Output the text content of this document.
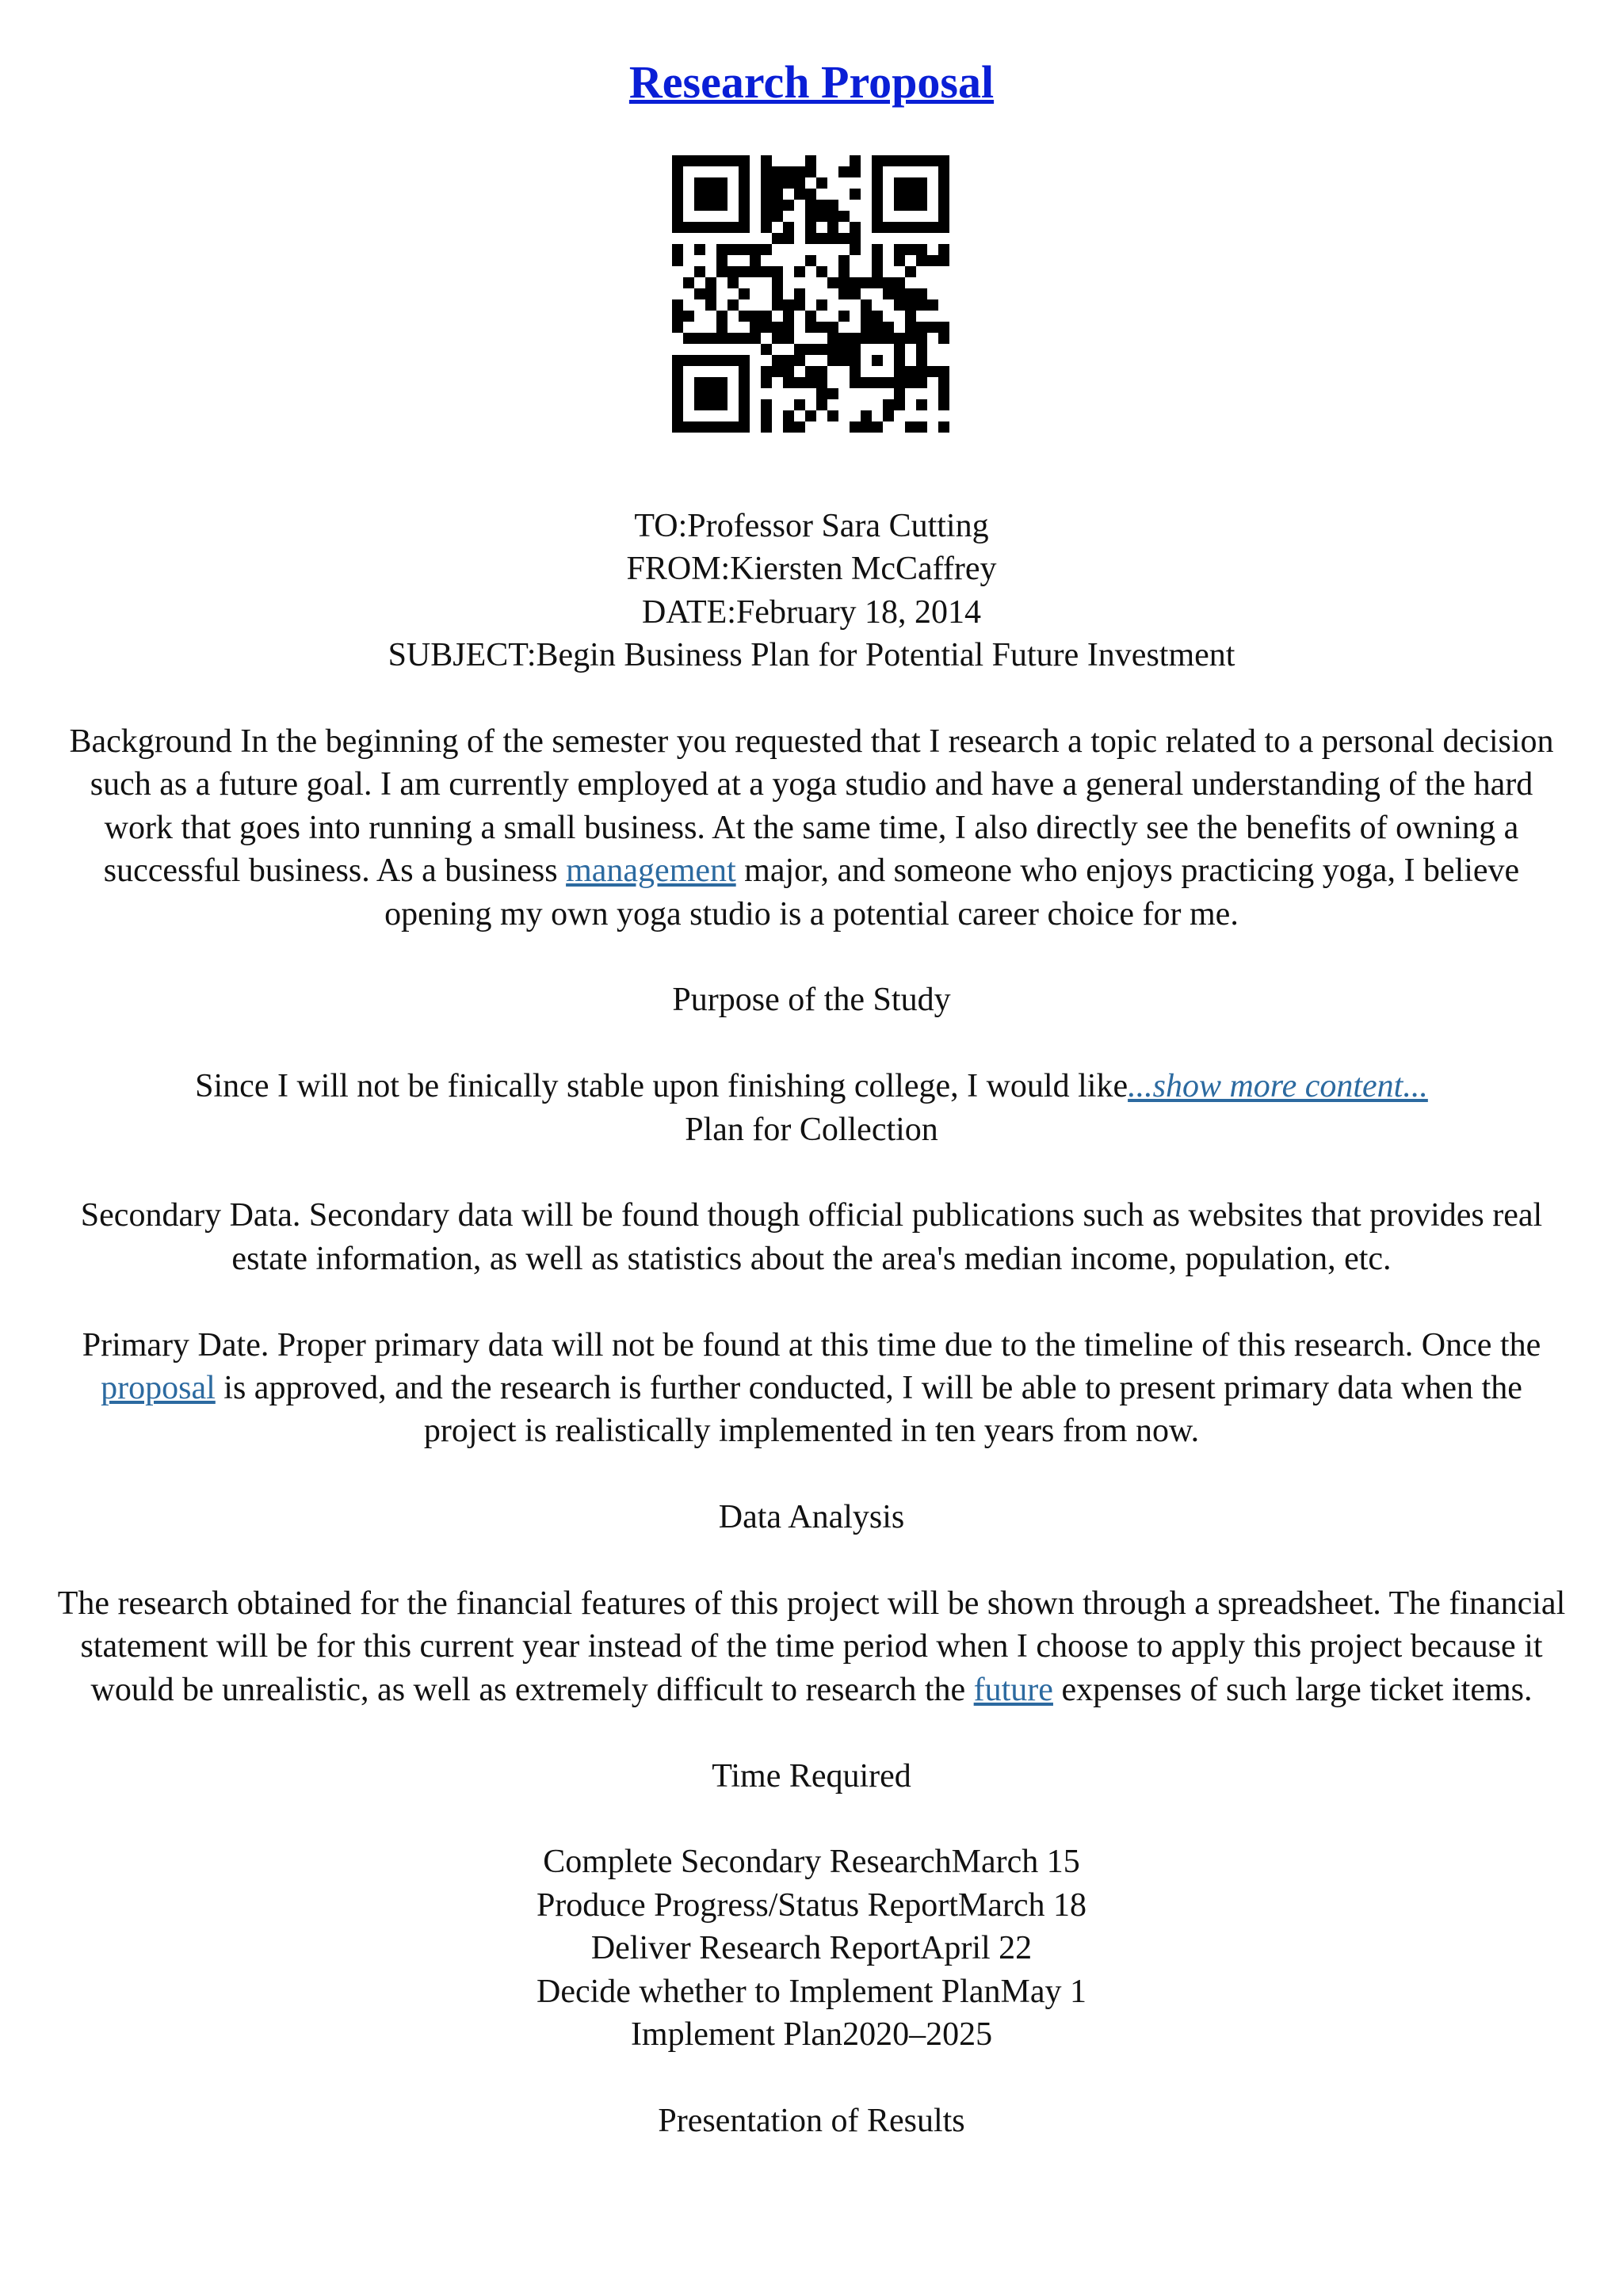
Research Proposal

TO:Professor Sara Cutting
FROM:Kiersten McCaffrey
DATE:February 18, 2014
SUBJECT:Begin Business Plan for Potential Future Investment

Background In the beginning of the semester you requested that I research a topic related to a personal decision such as a future goal. I am currently employed at a yoga studio and have a general understanding of the hard work that goes into running a small business. At the same time, I also directly see the benefits of owning a successful business. As a business management major, and someone who enjoys practicing yoga, I believe opening my own yoga studio is a potential career choice for me.

Purpose of the Study

Since I will not be finically stable upon finishing college, I would like...show more content...

Plan for Collection

Secondary Data. Secondary data will be found though official publications such as websites that provides real estate information, as well as statistics about the area's median income, population, etc.

Primary Date. Proper primary data will not be found at this time due to the timeline of this research. Once the proposal is approved, and the research is further conducted, I will be able to present primary data when the project is realistically implemented in ten years from now.

Data Analysis

The research obtained for the financial features of this project will be shown through a spreadsheet. The financial statement will be for this current year instead of the time period when I choose to apply this project because it would be unrealistic, as well as extremely difficult to research the future expenses of such large ticket items.

Time Required

Complete Secondary ResearchMarch 15
Produce Progress/Status ReportMarch 18
Deliver Research ReportApril 22
Decide whether to Implement PlanMay 1
Implement Plan2020–2025

Presentation of Results
